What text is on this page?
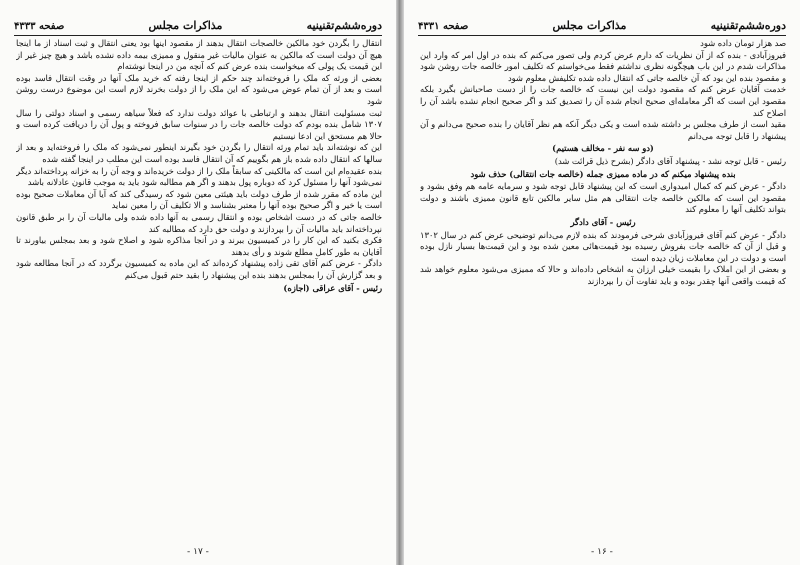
دوره‌ششم‌تقنینیه
مذاکرات مجلس
صفحه ۴۳۳۳

انتقال را بگردن خود مالکین خالصجات انتقال بدهند از مقصود اینها بود یعنی انتقال و ثبت اسناد از ما اینجا هیچ آن دولت است که مالکین به عنوان مالیات غیر منقول و ممیزی بیمه داده نشده باشد و هیچ چیز غیر از این قیمت یک پولی که میخواست بنده عرض کنم که آنچه من در اینجا نوشته‌ام

بعضی از ورثه که ملک را فروخته‌اند چند حکم از اینجا رفته که خرید ملک آنها در وقت انتقال فاسد بوده است و بعد از آن تمام عوض می‌شود که این ملک را از دولت بخرند لازم است این موضوع درست روشن شود

ثبت مسئولیت انتقال بدهند و ارتباطی با عوائد دولت ندارد که فعلاً سیاهه رسمی و اسناد دولتی را سال ۱۳۰۷ شامل بنده بودم که دولت خالصه جات را در سنوات سابق فروخته و پول آن را دریافت کرده است و حالا هم مستحق این ادعا نیستیم

این که نوشته‌اند باید تمام ورثه انتقال را بگردن خود بگیرند اینطور نمی‌شود که ملک را فروخته‌اید و بعد از سالها که انتقال داده شده باز هم بگوییم که آن انتقال فاسد بوده است این مطلب در اینجا گفته شده

بنده عقیده‌ام این است که مالکینی که سابقاً ملک را از دولت خریده‌اند و وجه آن را به خزانه پرداخته‌اند دیگر نمی‌شود آنها را مسئول کرد که دوباره پول بدهند و اگر هم مطالبه شود باید به موجب قانون عادلانه باشد

این ماده که مقرر شده از طرف دولت باید هیئتی معین شود که رسیدگی کند که آیا آن معاملات صحیح بوده است یا خیر و اگر صحیح بوده آنها را معتبر بشناسد و الا تکلیف آن را معین نماید

خالصه جاتی که در دست اشخاص بوده و انتقال رسمی به آنها داده شده ولی مالیات آن را بر طبق قانون نپرداخته‌اند باید مالیات آن را بپردازند و دولت حق دارد که مطالبه کند

فکری بکنید که این کار را در کمیسیون ببرند و در آنجا مذاکره شود و اصلاح شود و بعد بمجلس بیاورند تا آقایان به طور کامل مطلع شوند و رأی بدهند

دادگر - عرض کنم آقای تقی زاده پیشنهاد کرده‌اند که این ماده به کمیسیون برگردد که در آنجا مطالعه شود و بعد گزارش آن را بمجلس بدهند بنده این پیشنهاد را بقید حتم قبول می‌کنم

رئیس - آقای عراقی (اجازه)

- ۱۷ -
دوره‌ششم‌تقنینیه
مذاکرات مجلس
صفحه ۴۳۳۱

صد هزار تومان داده شود

فیروزآبادی - بنده که از آن نظریات که دارم عرض کردم ولی تصور می‌کنم که بنده در اول امر که وارد این مذاکرات شدم در این باب هیچگونه نظری نداشتم فقط می‌خواستم که تکلیف امور خالصه جات روشن شود و مقصود بنده این بود که آن خالصه جاتی که انتقال داده شده تکلیفش معلوم شود

خدمت آقایان عرض کنم که مقصود دولت این نیست که خالصه جات را از دست صاحبانش بگیرد بلکه مقصود این است که اگر معامله‌ای صحیح انجام شده آن را تصدیق کند و اگر صحیح انجام نشده باشد آن را اصلاح کند

مقید است از طرف مجلس بر داشته شده است و یکی دیگر آنکه هم نظر آقایان را بنده صحیح می‌دانم و آن پیشنهاد را قابل توجه می‌دانم

(دو سه نفر - مخالف هستیم)

رئیس - قابل توجه نشد - پیشنهاد آقای دادگر (بشرح ذیل قرائت شد)

بنده پیشنهاد میکنم که در ماده ممیزی جمله (خالصه جات انتقالی) حذف شود

دادگر - عرض کنم که کمال امیدواری است که این پیشنهاد قابل توجه شود و سرمایه عامه هم وفق بشود و مقصود این است که مالکین خالصه جات انتقالی هم مثل سایر مالکین تابع قانون ممیزی باشند و دولت بتواند تکلیف آنها را معلوم کند

رئیس - آقای دادگر

دادگر - عرض کنم آقای فیروزآبادی شرحی فرمودند که بنده لازم می‌دانم توضیحی عرض کنم در سال ۱۳۰۲ و قبل از آن که خالصه جات بفروش رسیده بود قیمت‌هائی معین شده بود و این قیمت‌ها بسیار نازل بوده است و دولت در این معاملات زیان دیده است

و بعضی از این املاک را بقیمت خیلی ارزان به اشخاص داده‌اند و حالا که ممیزی می‌شود معلوم خواهد شد که قیمت واقعی آنها چقدر بوده و باید تفاوت آن را بپردازند

- ۱۶ -
